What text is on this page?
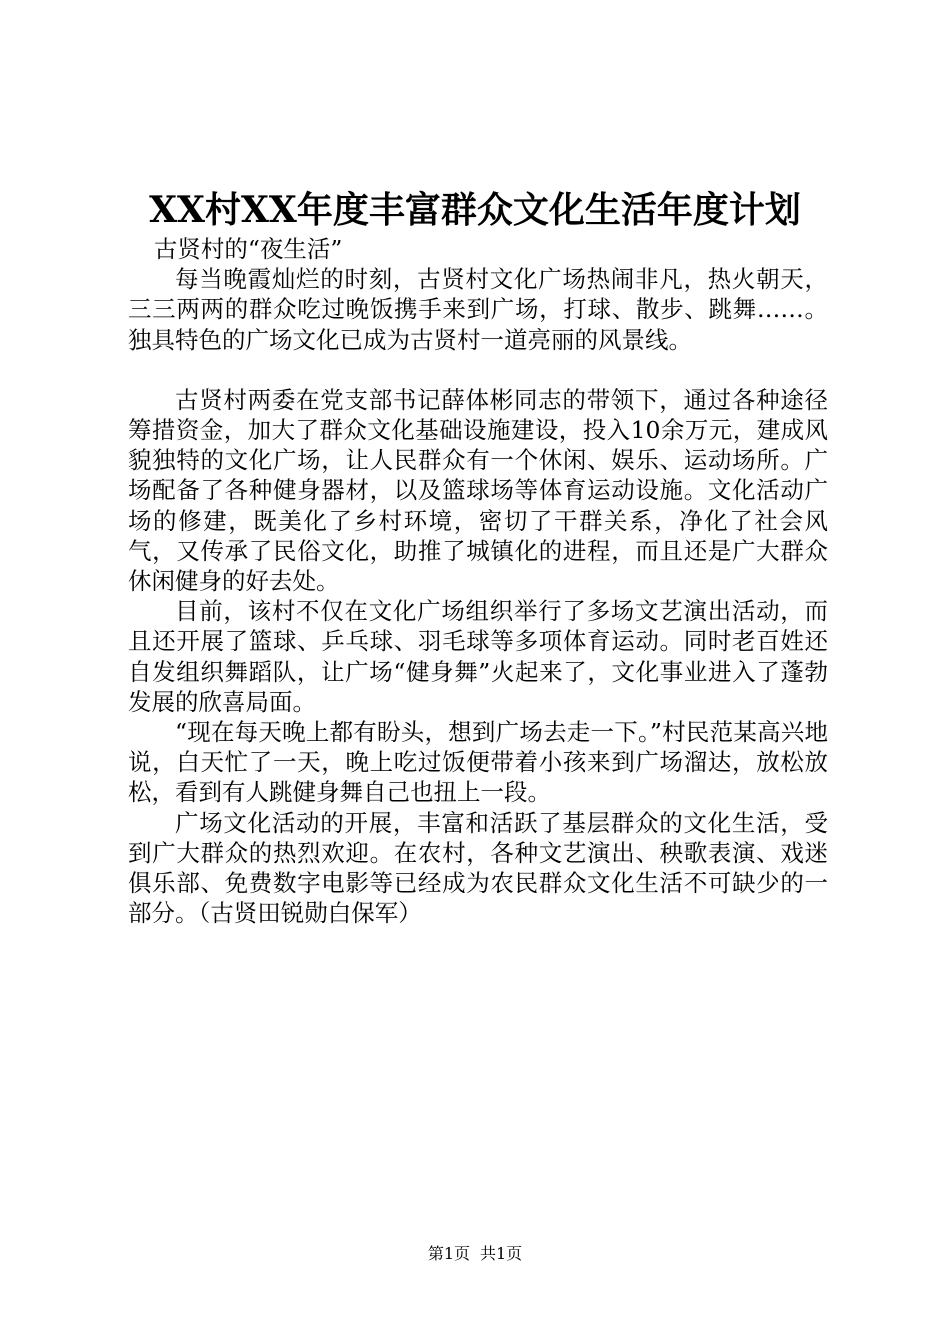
XX村XX年度丰富群众文化生活年度计划

古贤村的“夜生活”

每当晚霞灿烂的时刻，古贤村文化广场热闹非凡，热火朝天，三三两两的群众吃过晚饭携手来到广场，打球、散步、跳舞……。独具特色的广场文化已成为古贤村一道亮丽的风景线。

古贤村两委在党支部书记薛体彬同志的带领下，通过各种途径筹措资金，加大了群众文化基础设施建设，投入10余万元，建成风貌独特的文化广场，让人民群众有一个休闲、娱乐、运动场所。广场配备了各种健身器材，以及篮球场等体育运动设施。文化活动广场的修建，既美化了乡村环境，密切了干群关系，净化了社会风气，又传承了民俗文化，助推了城镇化的进程，而且还是广大群众休闲健身的好去处。

目前，该村不仅在文化广场组织举行了多场文艺演出活动，而且还开展了篮球、乒乓球、羽毛球等多项体育运动。同时老百姓还自发组织舞蹈队，让广场“健身舞”火起来了，文化事业进入了蓬勃发展的欣喜局面。

“现在每天晚上都有盼头，想到广场去走一下。”村民范某高兴地说，白天忙了一天，晚上吃过饭便带着小孩来到广场溜达，放松放松，看到有人跳健身舞自己也扭上一段。

广场文化活动的开展，丰富和活跃了基层群众的文化生活，受到广大群众的热烈欢迎。在农村，各种文艺演出、秧歌表演、戏迷俱乐部、免费数字电影等已经成为农民群众文化生活不可缺少的一部分。（古贤田锐勋白保军）

第1页 共1页
